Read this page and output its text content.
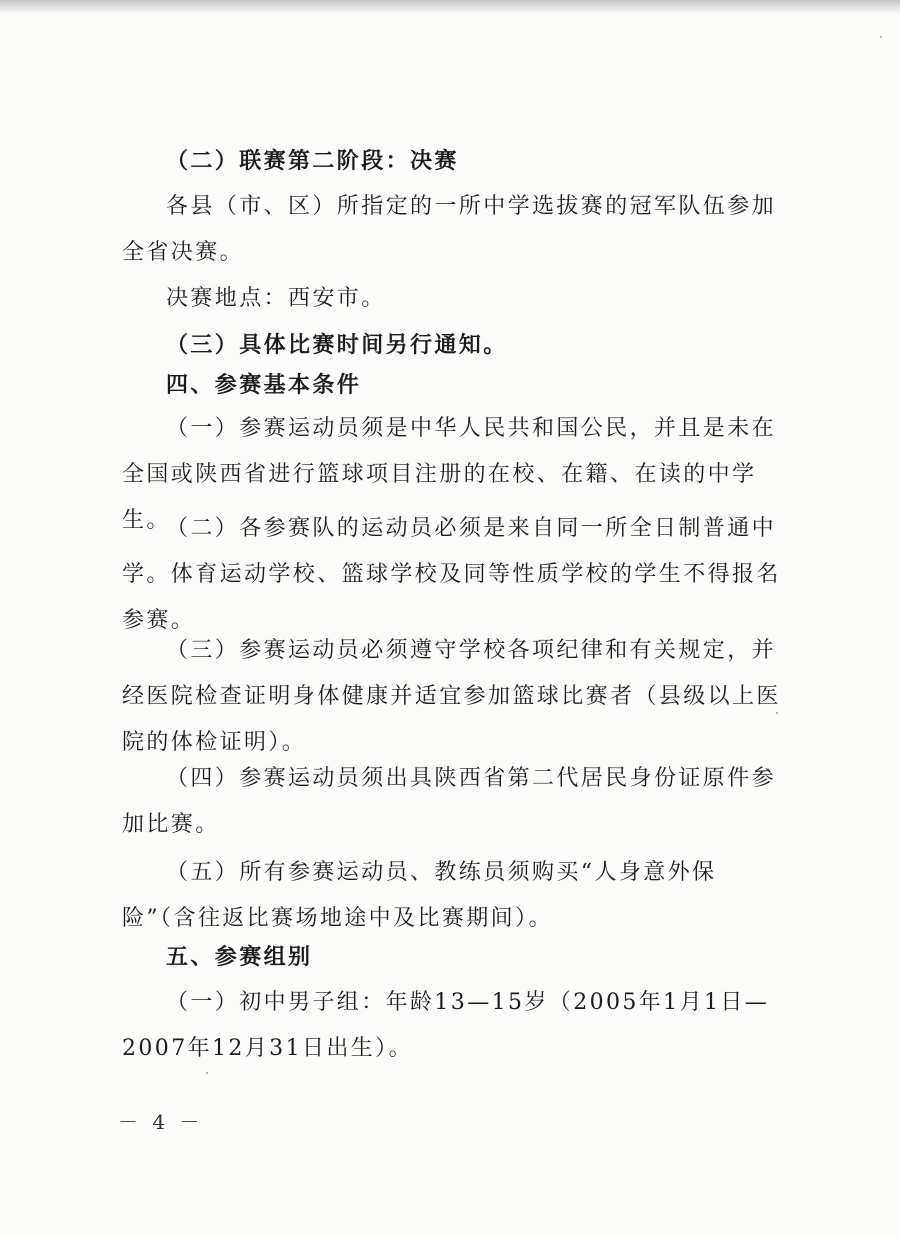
（二）联赛第二阶段：决赛
各县（市、区）所指定的一所中学选拔赛的冠军队伍参加全省决赛。
决赛地点：西安市。
（三）具体比赛时间另行通知。
四、参赛基本条件
（一）参赛运动员须是中华人民共和国公民，并且是未在全国或陕西省进行篮球项目注册的在校、在籍、在读的中学生。
（二）各参赛队的运动员必须是来自同一所全日制普通中学。体育运动学校、篮球学校及同等性质学校的学生不得报名参赛。
（三）参赛运动员必须遵守学校各项纪律和有关规定，并经医院检查证明身体健康并适宜参加篮球比赛者（县级以上医院的体检证明）。
（四）参赛运动员须出具陕西省第二代居民身份证原件参加比赛。
（五）所有参赛运动员、教练员须购买“人身意外保险”（含往返比赛场地途中及比赛期间）。
五、参赛组别
（一）初中男子组：年龄13—15岁（2005年1月1日—2007年12月31日出生）。
－ 4 －
